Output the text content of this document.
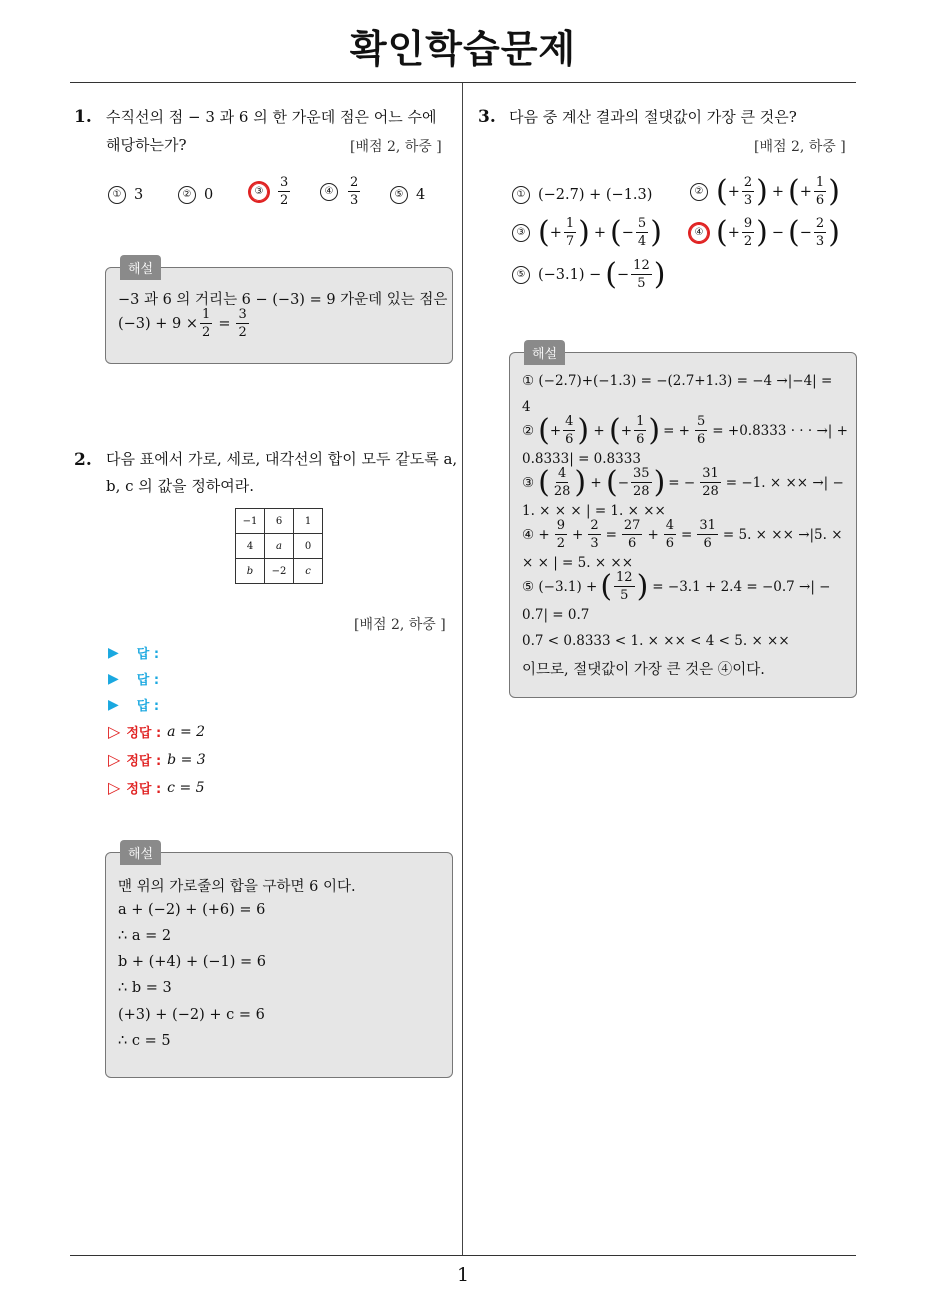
확인학습문제
1
1. 수직선의 점 − 3 과 6 의 한 가운데 점은 어느 수에
해당하는가?	[배점 2, 하중 ]
① 3	② 0	③	$\frac{3}{2}$	④	$\frac{2}{3}$	⑤ 4
해설
−3 과 6 의 거리는 6 − (−3) = 9 가운데 있는 점은
$(-3) + 9 \times \frac{1}{2} = \frac{3}{2}$
2. 다음 표에서 가로, 세로, 대각선의 합이 모두 같도록 a,
b, c 의 값을 정하여라.
−1	6	1
4	a	0
b	−2	c
[배점 2, 하중 ]
▶ 답 :
▶ 답 :
▶ 답 :
▷ 정답 : a = 2
▷ 정답 : b = 3
▷ 정답 : c = 5
해설
맨 위의 가로줄의 합을 구하면 6 이다.
a + (−2) + (+6) = 6
∴ a = 2
b + (+4) + (−1) = 6
∴ b = 3
(+3) + (−2) + c = 6
∴ c = 5
3. 다음 중 계산 결과의 절댓값이 가장 큰 것은?
[배점 2, 하중 ]
① (−2.7) + (−1.3)	② ( + $\frac{2}{3}$ ) + ( + $\frac{1}{6}$ )
③ ( + $\frac{1}{7}$ ) + ( − $\frac{5}{4}$ )	④ ( + $\frac{9}{2}$ ) − ( − $\frac{2}{3}$ )
⑤ (−3.1) − ( − $\frac{12}{5}$ )
해설
① (−2.7)+(−1.3) = −(2.7+1.3) = −4 →|−4| =
4
② ( + $\frac{4}{6}$ ) + ( + $\frac{1}{6}$ ) = + $\frac{5}{6} = +0.8333$ · · · →| +
0.8333| = 0.8333
③ ( $\frac{4}{28}$ ) + ( − $\frac{35}{28}$ ) = − $\frac{31}{28} = -1$. × ×× →| −
1. × × × | = 1. × ××
④ + $\frac{9}{2} + \frac{2}{3} = \frac{27}{6} + \frac{4}{6} = \frac{31}{6} = 5$. × ×× →|5. ×
× × | = 5. × ××
⑤ (−3.1) + ( $\frac{12}{5}$ ) = −3.1 + 2.4 = −0.7 →| −
0.7| = 0.7
0.7 < 0.8333 < 1. × ×× < 4 < 5. × ××
이므로, 절댓값이 가장 큰 것은 ④이다.
